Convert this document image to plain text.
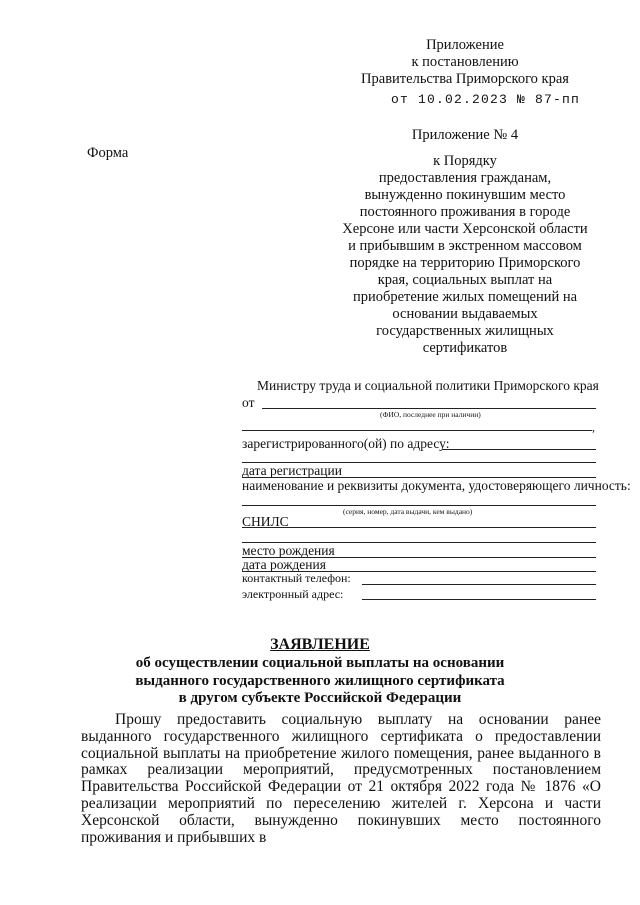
Приложение
к постановлению
Правительства Приморского края
от 10.02.2023 № 87-пп
Приложение № 4
Форма	к Порядку
предоставления гражданам,
вынужденно покинувшим место
постоянного проживания в городе
Херсоне или части Херсонской области
и прибывшим в экстренном массовом
порядке на территорию Приморского
края, социальных выплат на
приобретение жилых помещений на
основании выдаваемых
государственных жилищных
сертификатов
Министру труда и социальной политики Приморского края
от
(ФИО, последнее при наличии)
,
зарегистрированного(ой) по адресу:
дата регистрации
наименование и реквизиты документа, удостоверяющего личность:
(серия, номер, дата выдачи, кем выдано)
СНИЛС
место рождения
дата рождения
контактный телефон:
электронный адрес:
ЗАЯВЛЕНИЕ
об осуществлении социальной выплаты на основании
выданного государственного жилищного сертификата
в другом субъекте Российской Федерации
Прошу предоставить социальную выплату на основании ранее выданного государственного жилищного сертификата о предоставлении социальной выплаты на приобретение жилого помещения, ранее выданного в рамках реализации мероприятий, предусмотренных постановлением Правительства Российской Федерации от 21 октября 2022 года № 1876 «О реализации мероприятий по переселению жителей г. Херсона и части Херсонской области, вынужденно покинувших место постоянного проживания и прибывших в
